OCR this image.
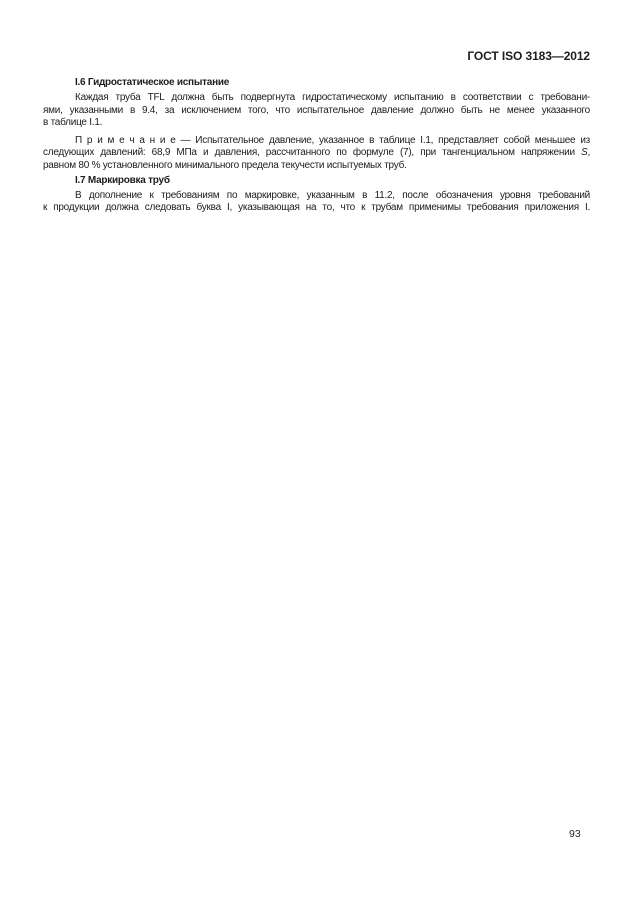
ГОСТ ISO 3183—2012
I.6 Гидростатическое испытание
Каждая труба TFL должна быть подвергнута гидростатическому испытанию в соответствии с требовани-
ями, указанными в 9.4, за исключением того, что испытательное давление должно быть не менее указанного
в таблице I.1.
П р и м е ч а н и е — Испытательное давление, указанное в таблице I.1, представляет собой меньшее из
следующих давлений: 68,9 МПа и давления, рассчитанного по формуле (7), при тангенциальном напряжении S,
равном 80 % установленного минимального предела текучести испытуемых труб.
I.7 Маркировка труб
В дополнение к требованиям по маркировке, указанным в 11.2, после обозначения уровня требований
к продукции должна следовать буква I, указывающая на то, что к трубам применимы требования приложения I.
93
